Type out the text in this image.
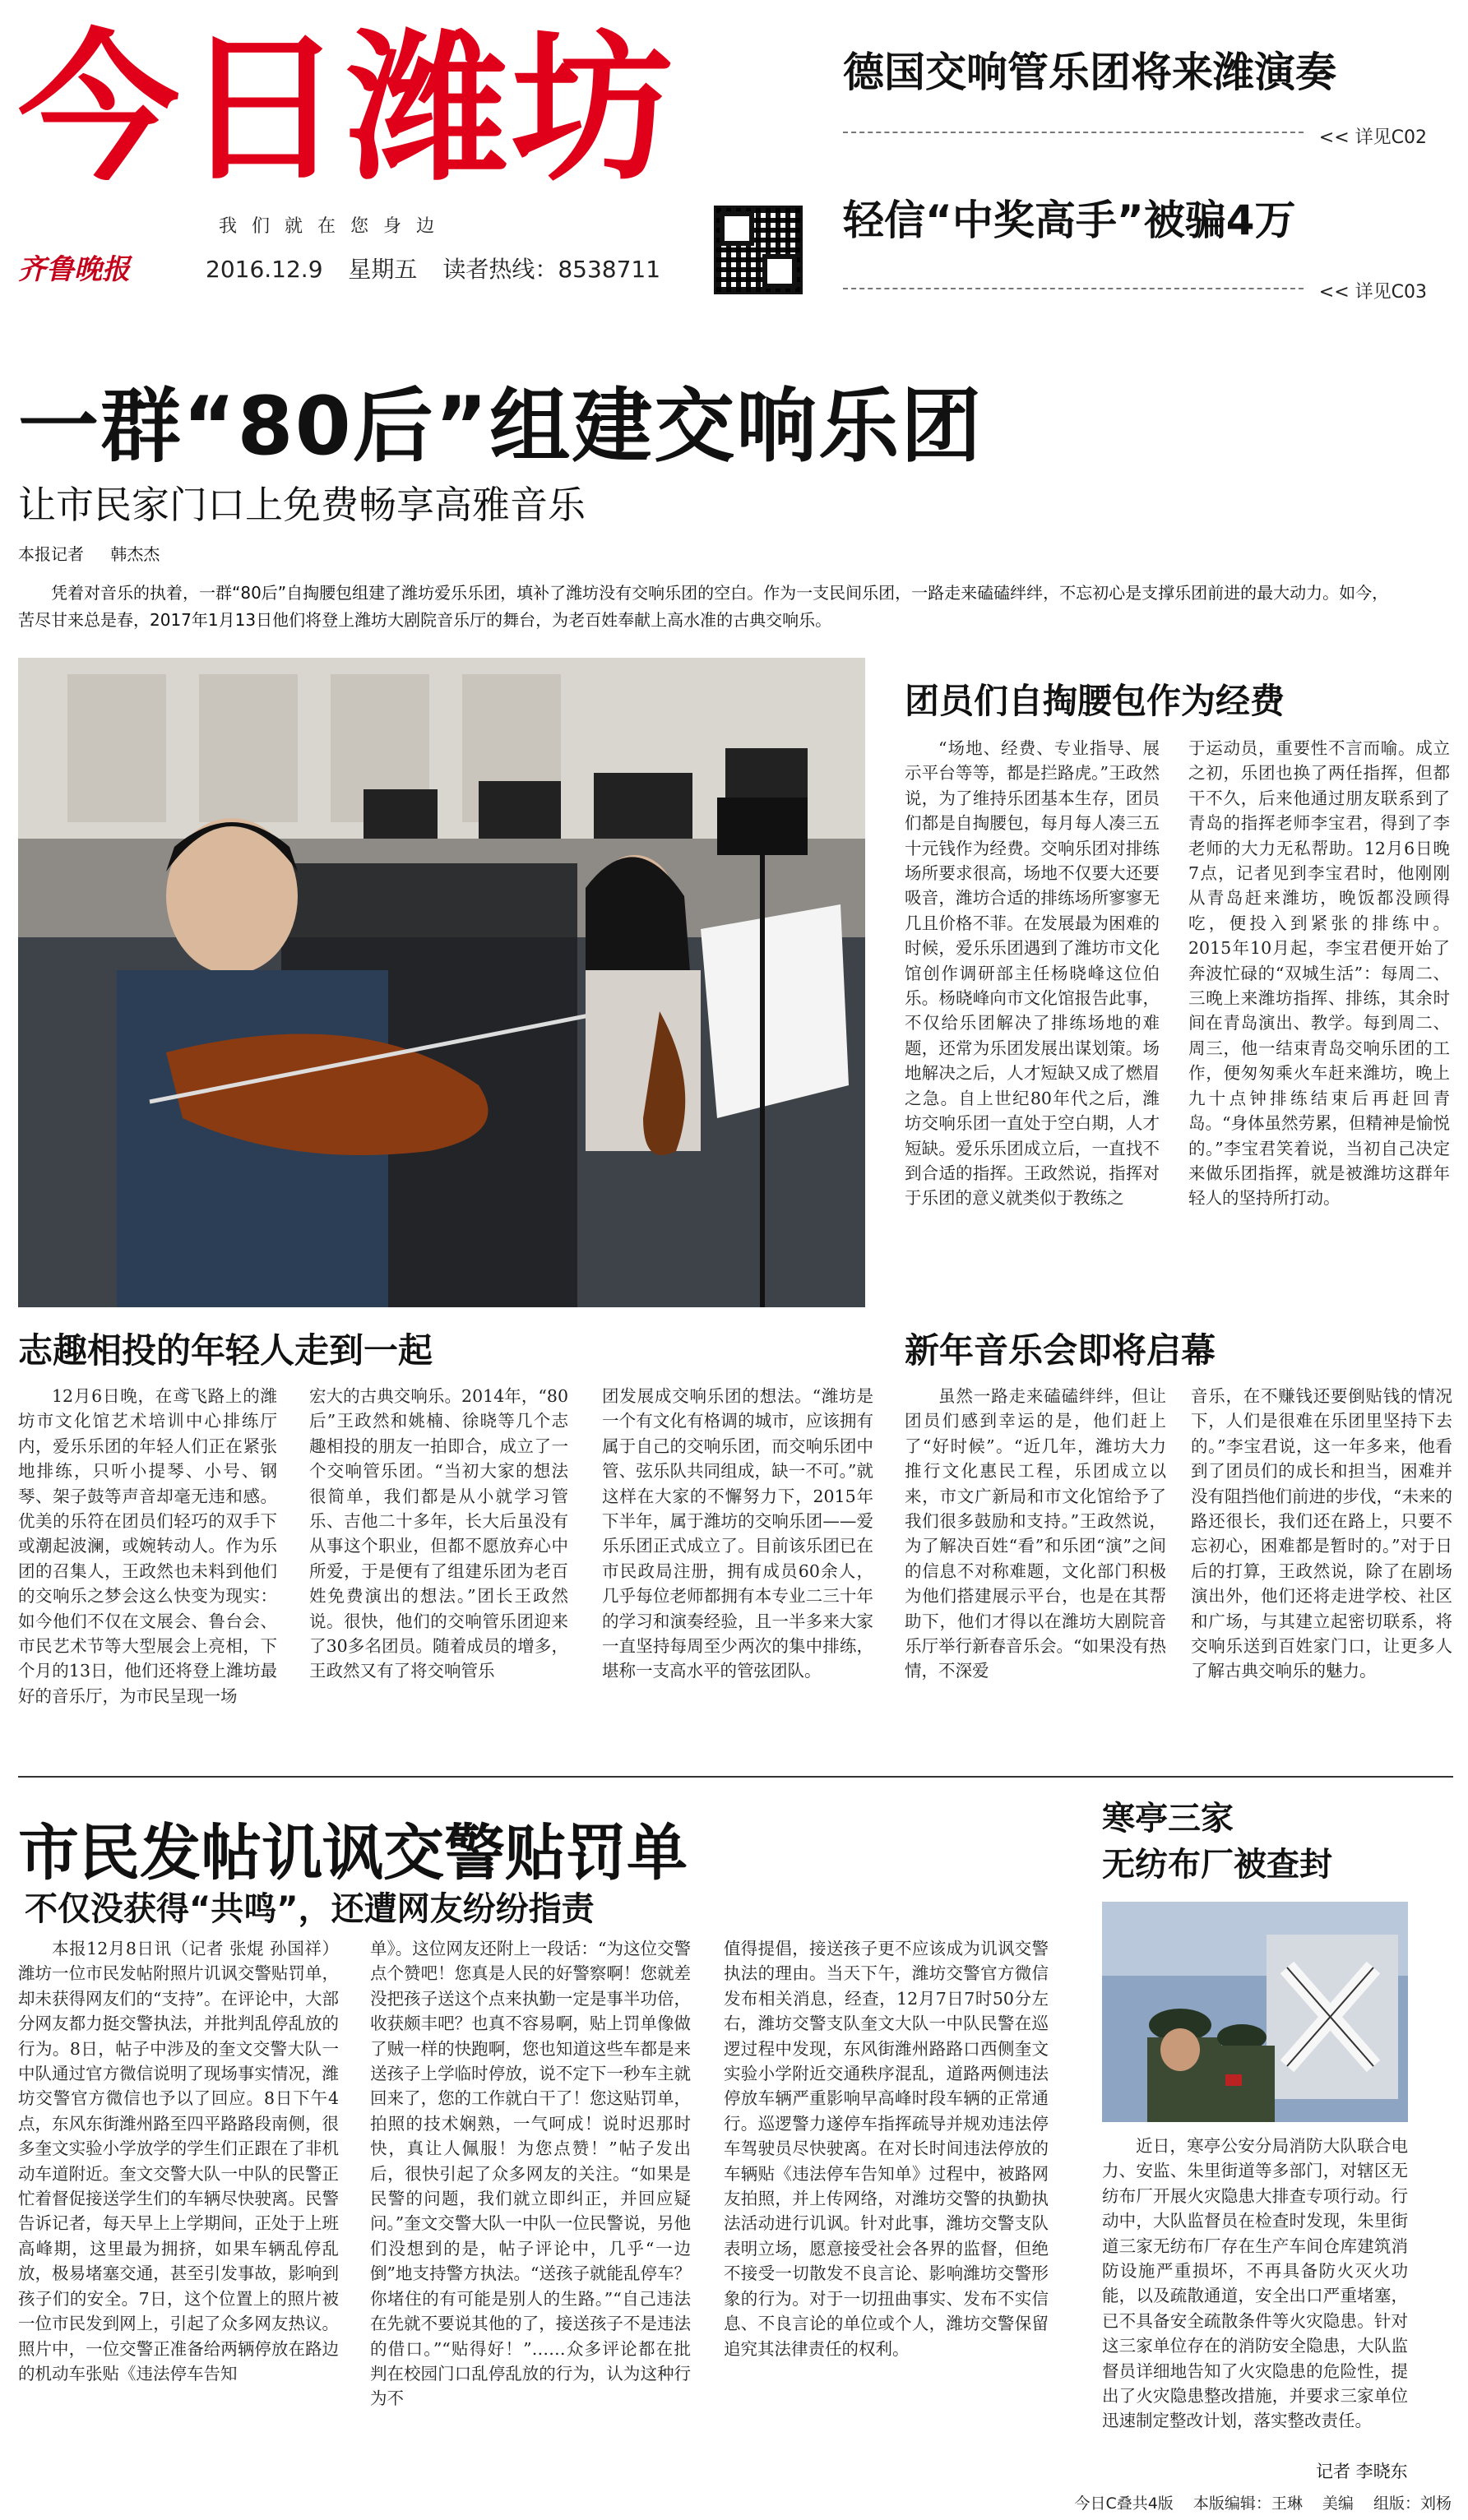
今日潍坊
我们就在您身边
齐鲁晚报	2016.12.9 星期五 读者热线：8538711
德国交响管乐团将来潍演奏
<< 详见C02
轻信“中奖高手”被骗4万
<< 详见C03
一群“80后”组建交响乐团
让市民家门口上免费畅享高雅音乐
本报记者 韩杰杰
凭着对音乐的执着，一群“80后”自掏腰包组建了潍坊爱乐乐团，填补了潍坊没有交响乐团的空白。作为一支民间乐团，一路走来磕磕绊绊，不忘初心是支撑乐团前进的最大动力。如今，苦尽甘来总是春，2017年1月13日他们将登上潍坊大剧院音乐厅的舞台，为老百姓奉献上高水准的古典交响乐。
团员们自掏腰包作为经费

“场地、经费、专业指导、展示平台等等，都是拦路虎。”王政然说，为了维持乐团基本生存，团员们都是自掏腰包，每月每人凑三五十元钱作为经费。交响乐团对排练场所要求很高，场地不仅要大还要吸音，潍坊合适的排练场所寥寥无几且价格不菲。在发展最为困难的时候，爱乐乐团遇到了潍坊市文化馆创作调研部主任杨晓峰这位伯乐。杨晓峰向市文化馆报告此事，不仅给乐团解决了排练场地的难题，还常为乐团发展出谋划策。场地解决之后，人才短缺又成了燃眉之急。自上世纪80年代之后，潍坊交响乐团一直处于空白期，人才短缺。爱乐乐团成立后，一直找不到合适的指挥。王政然说，指挥对于乐团的意义就类似于教练之

于运动员，重要性不言而喻。成立之初，乐团也换了两任指挥，但都干不久，后来他通过朋友联系到了青岛的指挥老师李宝君，得到了李老师的大力无私帮助。12月6日晚7点，记者见到李宝君时，他刚刚从青岛赶来潍坊，晚饭都没顾得吃，便投入到紧张的排练中。2015年10月起，李宝君便开始了奔波忙碌的“双城生活”：每周二、三晚上来潍坊指挥、排练，其余时间在青岛演出、教学。每到周二、周三，他一结束青岛交响乐团的工作，便匆匆乘火车赶来潍坊，晚上九十点钟排练结束后再赶回青岛。“身体虽然劳累，但精神是愉悦的。”李宝君笑着说，当初自己决定来做乐团指挥，就是被潍坊这群年轻人的坚持所打动。

志趣相投的年轻人走到一起

12月6日晚，在鸢飞路上的潍坊市文化馆艺术培训中心排练厅内，爱乐乐团的年轻人们正在紧张地排练，只听小提琴、小号、钢琴、架子鼓等声音却毫无违和感。优美的乐符在团员们轻巧的双手下或潮起波澜，或婉转动人。作为乐团的召集人，王政然也未料到他们的交响乐之梦会这么快变为现实：如今他们不仅在文展会、鲁台会、市民艺术节等大型展会上亮相，下个月的13日，他们还将登上潍坊最好的音乐厅，为市民呈现一场

宏大的古典交响乐。2014年，“80后”王政然和姚楠、徐晓等几个志趣相投的朋友一拍即合，成立了一个交响管乐团。“当初大家的想法很简单，我们都是从小就学习管乐、吉他二十多年，长大后虽没有从事这个职业，但都不愿放弃心中所爱，于是便有了组建乐团为老百姓免费演出的想法。”团长王政然说。很快，他们的交响管乐团迎来了30多名团员。随着成员的增多，王政然又有了将交响管乐

团发展成交响乐团的想法。“潍坊是一个有文化有格调的城市，应该拥有属于自己的交响乐团，而交响乐团中管、弦乐队共同组成，缺一不可。”就这样在大家的不懈努力下，2015年下半年，属于潍坊的交响乐团——爱乐乐团正式成立了。目前该乐团已在市民政局注册，拥有成员60余人，几乎每位老师都拥有本专业二三十年的学习和演奏经验，且一半多来大家一直坚持每周至少两次的集中排练，堪称一支高水平的管弦团队。

新年音乐会即将启幕

虽然一路走来磕磕绊绊，但让团员们感到幸运的是，他们赶上了“好时候”。“近几年，潍坊大力推行文化惠民工程，乐团成立以来，市文广新局和市文化馆给予了我们很多鼓励和支持。”王政然说，为了解决百姓“看”和乐团“演”之间的信息不对称难题，文化部门积极为他们搭建展示平台，也是在其帮助下，他们才得以在潍坊大剧院音乐厅举行新春音乐会。“如果没有热情，不深爱

音乐，在不赚钱还要倒贴钱的情况下，人们是很难在乐团里坚持下去的。”李宝君说，这一年多来，他看到了团员们的成长和担当，困难并没有阻挡他们前进的步伐，“未来的路还很长，我们还在路上，只要不忘初心，困难都是暂时的。”对于日后的打算，王政然说，除了在剧场演出外，他们还将走进学校、社区和广场，与其建立起密切联系，将交响乐送到百姓家门口，让更多人了解古典交响乐的魅力。

市民发帖讥讽交警贴罚单
不仅没获得“共鸣”，还遭网友纷纷指责

本报12月8日讯（记者 张焜 孙国祥）潍坊一位市民发帖附照片讥讽交警贴罚单，却未获得网友们的“支持”。在评论中，大部分网友都力挺交警执法，并批判乱停乱放的行为。8日，帖子中涉及的奎文交警大队一中队通过官方微信说明了现场事实情况，潍坊交警官方微信也予以了回应。8日下午4点，东风东街潍州路至四平路路段南侧，很多奎文实验小学放学的学生们正跟在了非机动车道附近。奎文交警大队一中队的民警正忙着督促接送学生们的车辆尽快驶离。民警告诉记者，每天早上上学期间，正处于上班高峰期，这里最为拥挤，如果车辆乱停乱放，极易堵塞交通，甚至引发事故，影响到孩子们的安全。7日，这个位置上的照片被一位市民发到网上，引起了众多网友热议。照片中，一位交警正准备给两辆停放在路边的机动车张贴《违法停车告知

单》。这位网友还附上一段话：“为这位交警点个赞吧！您真是人民的好警察啊！您就差没把孩子送这个点来执勤一定是事半功倍，收获颇丰吧？也真不容易啊，贴上罚单像做了贼一样的快跑啊，您也知道这些车都是来送孩子上学临时停放，说不定下一秒车主就回来了，您的工作就白干了！您这贴罚单，拍照的技术娴熟，一气呵成！说时迟那时快，真让人佩服！为您点赞！”帖子发出后，很快引起了众多网友的关注。“如果是民警的问题，我们就立即纠正，并回应疑问。”奎文交警大队一中队一位民警说，另他们没想到的是，帖子评论中，几乎“一边倒”地支持警方执法。“送孩子就能乱停车？你堵住的有可能是别人的生路。”“自己违法在先就不要说其他的了，接送孩子不是违法的借口。”“贴得好！”……众多评论都在批判在校园门口乱停乱放的行为，认为这种行为不

值得提倡，接送孩子更不应该成为讥讽交警执法的理由。当天下午，潍坊交警官方微信发布相关消息，经查，12月7日7时50分左右，潍坊交警支队奎文大队一中队民警在巡逻过程中发现，东风街潍州路路口西侧奎文实验小学附近交通秩序混乱，道路两侧违法停放车辆严重影响早高峰时段车辆的正常通行。巡逻警力遂停车指挥疏导并规劝违法停车驾驶员尽快驶离。在对长时间违法停放的车辆贴《违法停车告知单》过程中，被路网友拍照，并上传网络，对潍坊交警的执勤执法活动进行讥讽。针对此事，潍坊交警支队表明立场，愿意接受社会各界的监督，但绝不接受一切散发不良言论、影响潍坊交警形象的行为。对于一切扭曲事实、发布不实信息、不良言论的单位或个人，潍坊交警保留追究其法律责任的权利。

寒亭三家
无纺布厂被查封

近日，寒亭公安分局消防大队联合电力、安监、朱里街道等多部门，对辖区无纺布厂开展火灾隐患大排查专项行动。行动中，大队监督员在检查时发现，朱里街道三家无纺布厂存在生产车间仓库建筑消防设施严重损坏，不再具备防火灭火功能，以及疏散通道，安全出口严重堵塞，已不具备安全疏散条件等火灾隐患。针对这三家单位存在的消防安全隐患，大队监督员详细地告知了火灾隐患的危险性，提出了火灾隐患整改措施，并要求三家单位迅速制定整改计划，落实整改责任。

记者 李晓东
今日C叠共4版 本版编辑：王琳 美编 组版：刘杨
